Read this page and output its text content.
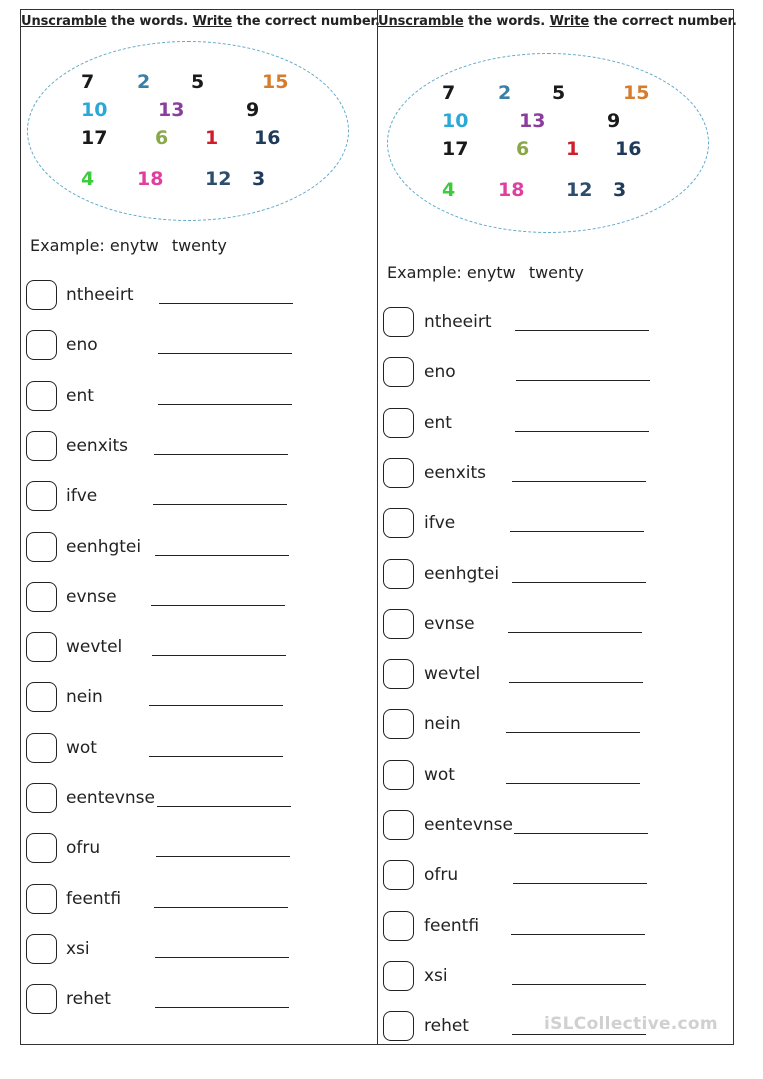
Unscramble the words. Write the correct number.
7 2 5	15
10	13	9
17	6 1 16
4 18 12 3
Example: enytw twenty
ntheeirt
eno
ent
eenxits
ifve
eenhgtei
evnse
wevtel
nein
wot
eentevnse
ofru
feentfi
xsi
rehet
Unscramble the words. Write the correct number.
7 2 5	15
10	13	9
17	6 1 16
4 18 12 3
Example: enytw twenty
ntheeirt
eno
ent
eenxits
ifve
eenhgtei
evnse
wevtel
nein
wot
eentevnse
ofru
feentfi
xsi
rehet	iSLCollective.com
